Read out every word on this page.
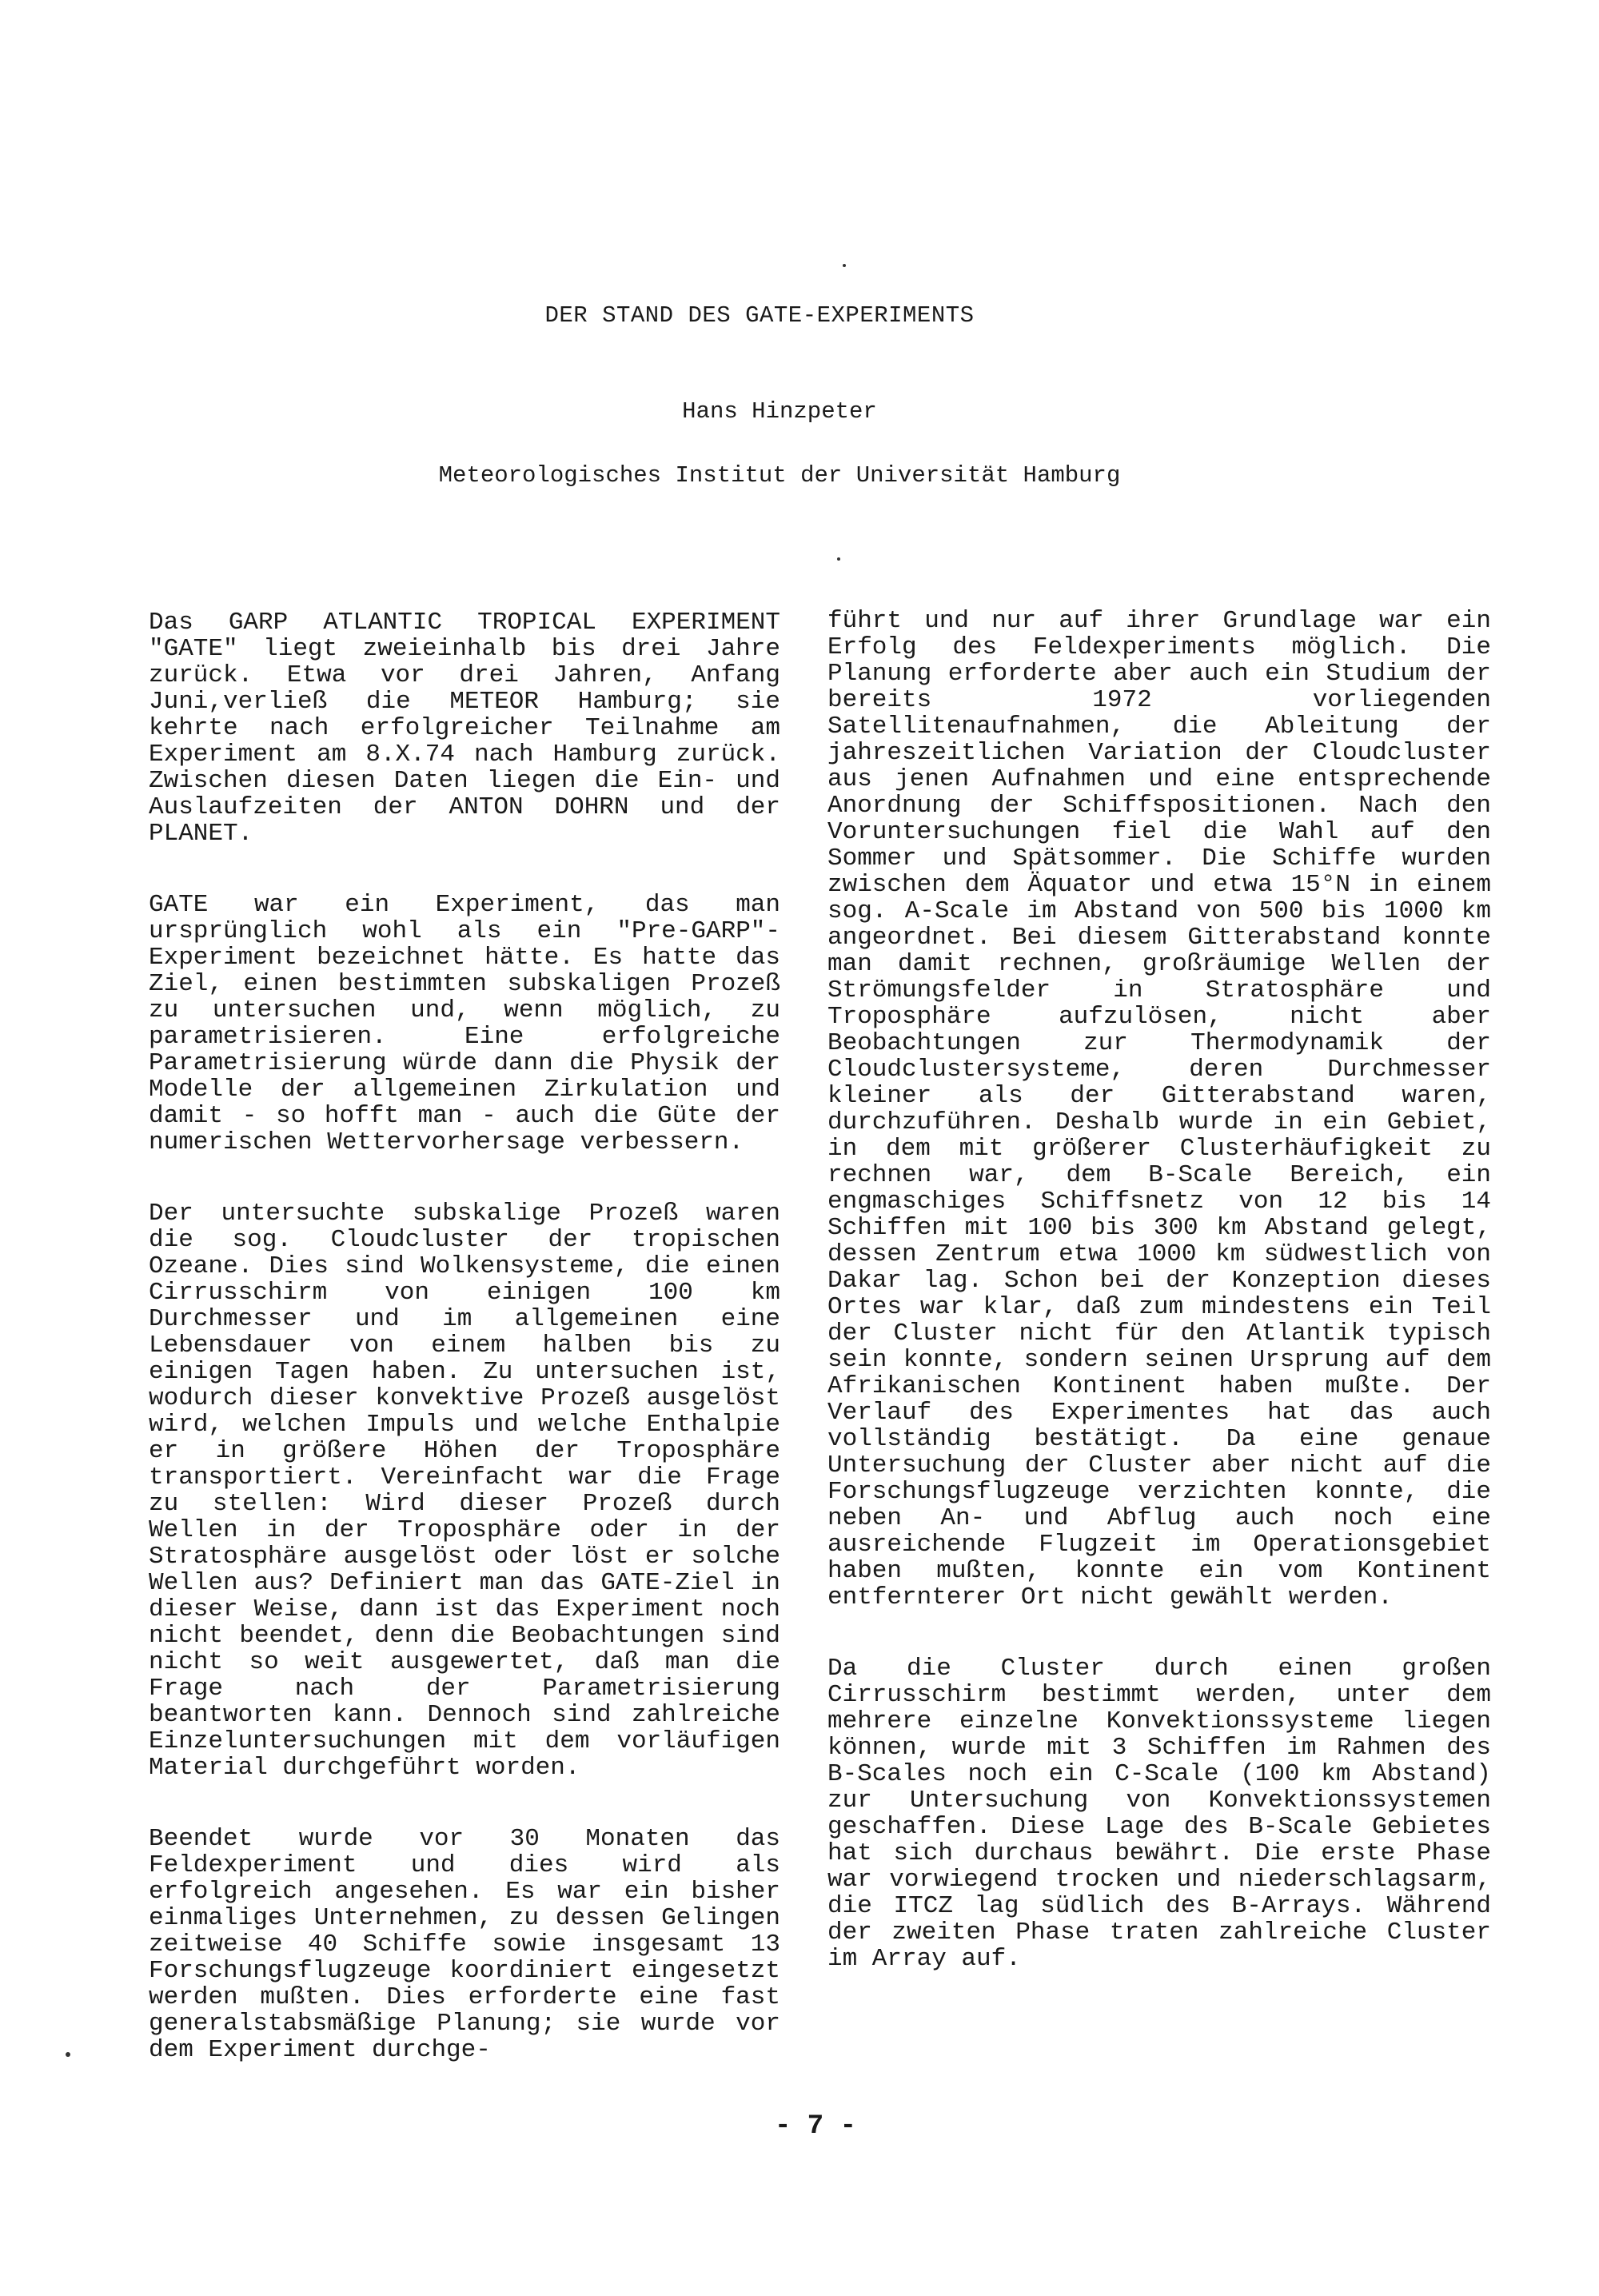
DER STAND DES GATE-EXPERIMENTS
Hans Hinzpeter
Meteorologisches Institut der Universität Hamburg

Das GARP ATLANTIC TROPICAL EXPERIMENT "GATE" liegt zweieinhalb bis drei Jahre zurück. Etwa vor drei Jahren, Anfang Juni,verließ die METEOR Hamburg; sie kehrte nach erfolgreicher Teilnahme am Experiment am 8.X.74 nach Hamburg zurück. Zwischen diesen Daten liegen die Ein- und Auslaufzeiten der ANTON DOHRN und der PLANET.

GATE war ein Experiment, das man ursprünglich wohl als ein "Pre-GARP"-Experiment bezeichnet hätte. Es hatte das Ziel, einen bestimmten subskaligen Prozeß zu untersuchen und, wenn möglich, zu parametrisieren. Eine erfolgreiche Parametrisierung würde dann die Physik der Modelle der allgemeinen Zirkulation und damit - so hofft man - auch die Güte der numerischen Wettervorhersage verbessern.

Der untersuchte subskalige Prozeß waren die sog. Cloudcluster der tropischen Ozeane. Dies sind Wolkensysteme, die einen Cirrusschirm von einigen 100 km Durchmesser und im allgemeinen eine Lebensdauer von einem halben bis zu einigen Tagen haben. Zu untersuchen ist, wodurch dieser konvektive Prozeß ausgelöst wird, welchen Impuls und welche Enthalpie er in größere Höhen der Troposphäre transportiert. Vereinfacht war die Frage zu stellen: Wird dieser Prozeß durch Wellen in der Troposphäre oder in der Stratosphäre ausgelöst oder löst er solche Wellen aus? Definiert man das GATE-Ziel in dieser Weise, dann ist das Experiment noch nicht beendet, denn die Beobachtungen sind nicht so weit ausgewertet, daß man die Frage nach der Parametrisierung beantworten kann. Dennoch sind zahlreiche Einzeluntersuchungen mit dem vorläufigen Material durchgeführt worden.

Beendet wurde vor 30 Monaten das Feldexperiment und dies wird als erfolgreich angesehen. Es war ein bisher einmaliges Unternehmen, zu dessen Gelingen zeitweise 40 Schiffe sowie insgesamt 13 Forschungsflugzeuge koordiniert eingesetzt werden mußten. Dies erforderte eine fast generalstabsmäßige Planung; sie wurde vor dem Experiment durchge-

führt und nur auf ihrer Grundlage war ein Erfolg des Feldexperiments möglich. Die Planung erforderte aber auch ein Studium der bereits 1972 vorliegenden Satellitenaufnahmen, die Ableitung der jahreszeitlichen Variation der Cloudcluster aus jenen Aufnahmen und eine entsprechende Anordnung der Schiffspositionen. Nach den Voruntersuchungen fiel die Wahl auf den Sommer und Spätsommer. Die Schiffe wurden zwischen dem Äquator und etwa 15°N in einem sog. A-Scale im Abstand von 500 bis 1000 km angeordnet. Bei diesem Gitterabstand konnte man damit rechnen, großräumige Wellen der Strömungsfelder in Stratosphäre und Troposphäre aufzulösen, nicht aber Beobachtungen zur Thermodynamik der Cloudclustersysteme, deren Durchmesser kleiner als der Gitterabstand waren, durchzuführen. Deshalb wurde in ein Gebiet, in dem mit größerer Clusterhäufigkeit zu rechnen war, dem B-Scale Bereich, ein engmaschiges Schiffsnetz von 12 bis 14 Schiffen mit 100 bis 300 km Abstand gelegt, dessen Zentrum etwa 1000 km südwestlich von Dakar lag. Schon bei der Konzeption dieses Ortes war klar, daß zum mindestens ein Teil der Cluster nicht für den Atlantik typisch sein konnte, sondern seinen Ursprung auf dem Afrikanischen Kontinent haben mußte. Der Verlauf des Experimentes hat das auch vollständig bestätigt. Da eine genaue Untersuchung der Cluster aber nicht auf die Forschungsflugzeuge verzichten konnte, die neben An- und Abflug auch noch eine ausreichende Flugzeit im Operationsgebiet haben mußten, konnte ein vom Kontinent entfernterer Ort nicht gewählt werden.

Da die Cluster durch einen großen Cirrusschirm bestimmt werden, unter dem mehrere einzelne Konvektionssysteme liegen können, wurde mit 3 Schiffen im Rahmen des B-Scales noch ein C-Scale (100 km Abstand) zur Untersuchung von Konvektionssystemen geschaffen. Diese Lage des B-Scale Gebietes hat sich durchaus bewährt. Die erste Phase war vorwiegend trocken und niederschlagsarm, die ITCZ lag südlich des B-Arrays. Während der zweiten Phase traten zahlreiche Cluster im Array auf.

- 7 -
